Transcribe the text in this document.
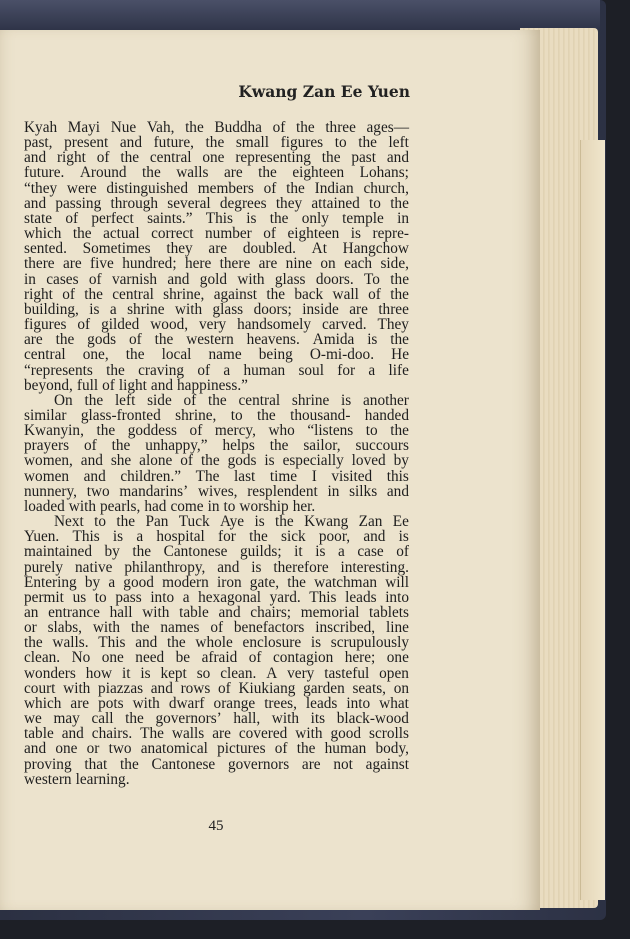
Kwang Zan Ee Yuen
Kyah Mayi Nue Vah, the Buddha of the three ages—
past, present and future, the small figures to the left
and right of the central one representing the past and
future. Around the walls are the eighteen Lohans;
“they were distinguished members of the Indian church,
and passing through several degrees they attained to the
state of perfect saints.” This is the only temple in
which the actual correct number of eighteen is repre-
sented. Sometimes they are doubled. At Hangchow
there are five hundred; here there are nine on each side,
in cases of varnish and gold with glass doors. To the
right of the central shrine, against the back wall of the
building, is a shrine with glass doors; inside are three
figures of gilded wood, very handsomely carved. They
are the gods of the western heavens. Amida is the
central one, the local name being O-mi-doo. He
“represents the craving of a human soul for a life
beyond, full of light and happiness.”
On the left side of the central shrine is another
similar glass-fronted shrine, to the thousand- handed
Kwanyin, the goddess of mercy, who “listens to the
prayers of the unhappy,” helps the sailor, succours
women, and she alone of the gods is especially loved by
women and children.” The last time I visited this
nunnery, two mandarins’ wives, resplendent in silks and
loaded with pearls, had come in to worship her.
Next to the Pan Tuck Aye is the Kwang Zan Ee
Yuen. This is a hospital for the sick poor, and is
maintained by the Cantonese guilds; it is a case of
purely native philanthropy, and is therefore interesting.
Entering by a good modern iron gate, the watchman will
permit us to pass into a hexagonal yard. This leads into
an entrance hall with table and chairs; memorial tablets
or slabs, with the names of benefactors inscribed, line
the walls. This and the whole enclosure is scrupulously
clean. No one need be afraid of contagion here; one
wonders how it is kept so clean. A very tasteful open
court with piazzas and rows of Kiukiang garden seats, on
which are pots with dwarf orange trees, leads into what
we may call the governors’ hall, with its black-wood
table and chairs. The walls are covered with good scrolls
and one or two anatomical pictures of the human body,
proving that the Cantonese governors are not against
western learning.
45
